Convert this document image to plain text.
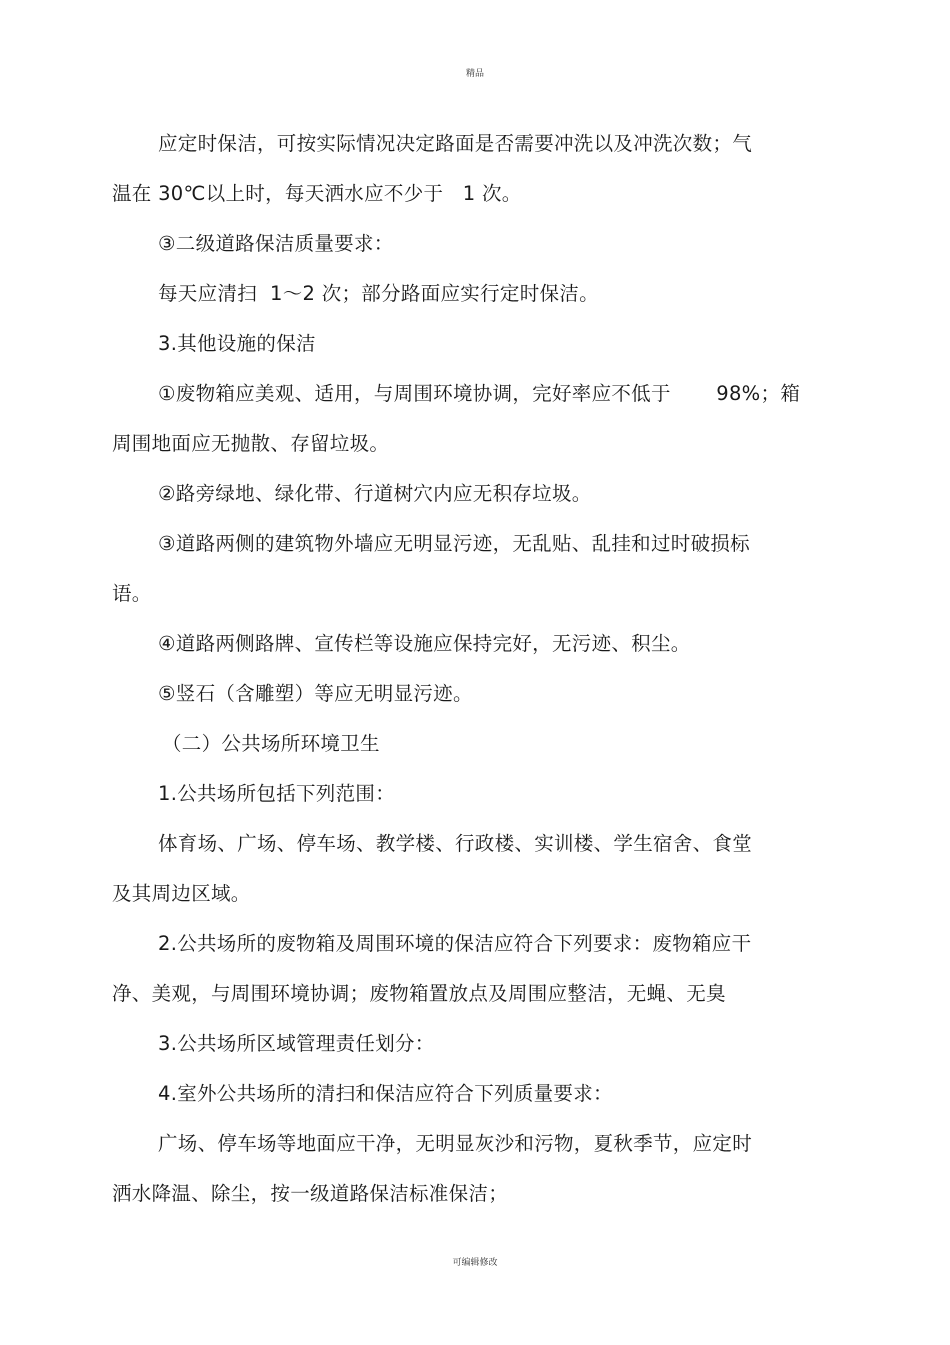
精品
应定时保洁，可按实际情况决定路面是否需要冲洗以及冲洗次数；气
温在 30℃以上时，每天洒水应不少于   1 次。
③二级道路保洁质量要求：
每天应清扫  1～2 次；部分路面应实行定时保洁。
3.其他设施的保洁
①废物箱应美观、适用，与周围环境协调，完好率应不低于       98%；箱
周围地面应无抛散、存留垃圾。
②路旁绿地、绿化带、行道树穴内应无积存垃圾。
③道路两侧的建筑物外墙应无明显污迹，无乱贴、乱挂和过时破损标
语。
④道路两侧路牌、宣传栏等设施应保持完好，无污迹、积尘。
⑤竖石（含雕塑）等应无明显污迹。
（二）公共场所环境卫生
1.公共场所包括下列范围：
体育场、广场、停车场、教学楼、行政楼、实训楼、学生宿舍、食堂
及其周边区域。
2.公共场所的废物箱及周围环境的保洁应符合下列要求：废物箱应干
净、美观，与周围环境协调；废物箱置放点及周围应整洁，无蝇、无臭
3.公共场所区域管理责任划分：
4.室外公共场所的清扫和保洁应符合下列质量要求：
广场、停车场等地面应干净，无明显灰沙和污物，夏秋季节，应定时
洒水降温、除尘，按一级道路保洁标准保洁；
可编辑修改
